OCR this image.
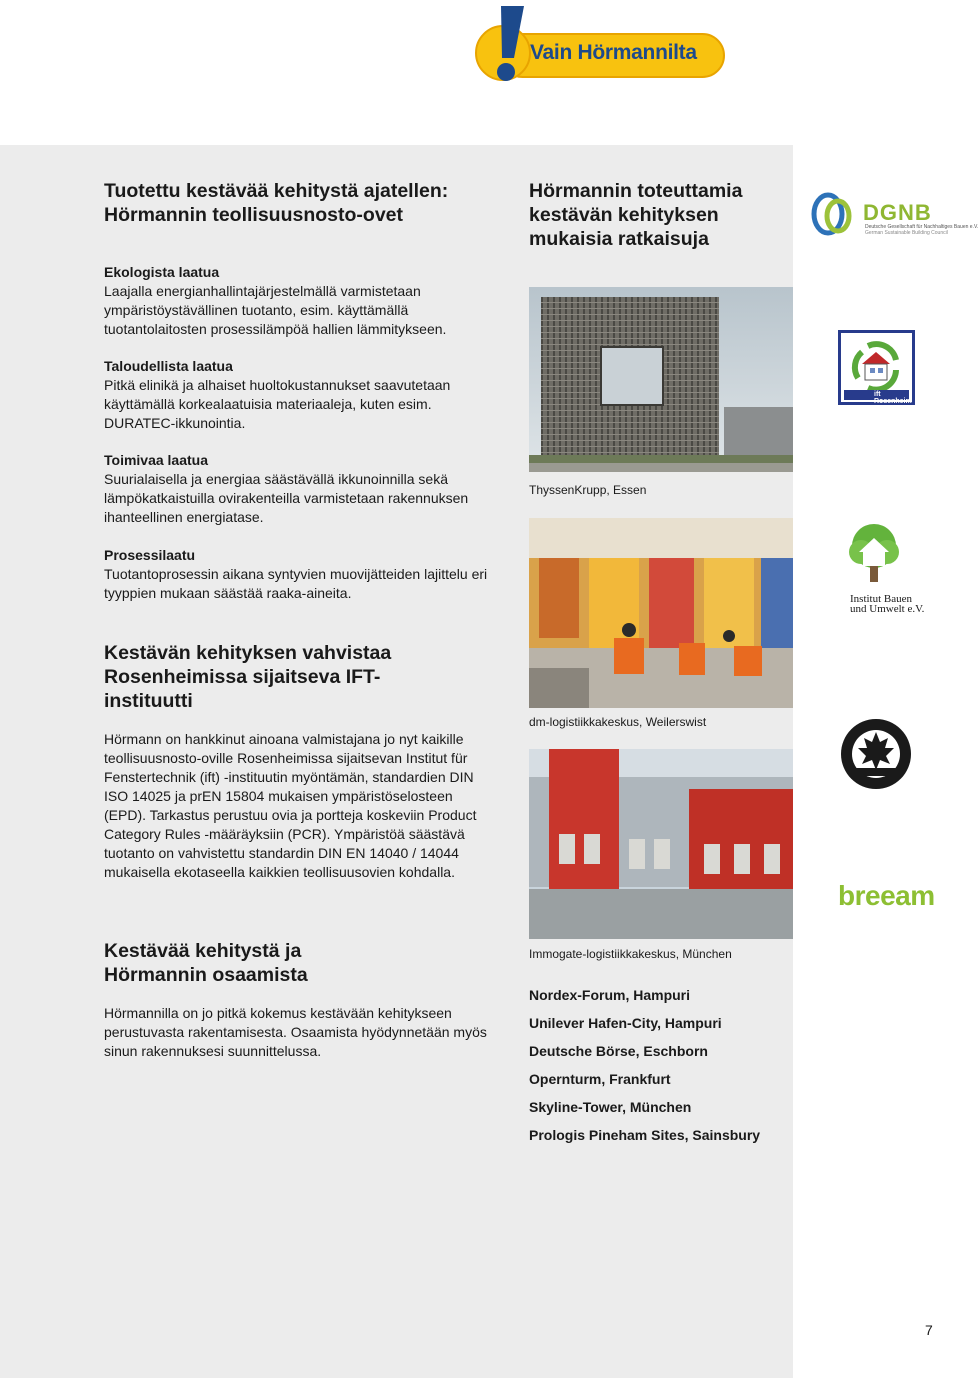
Vain Hörmannilta
Tuotettu kestävää kehitystä ajatellen: Hörmannin teollisuusnosto-ovet

Ekologista laatua

Laajalla energianhallintajärjestelmällä varmistetaan ympäristöystävällinen tuotanto, esim. käyttämällä tuotantolaitosten prosessilämpöä hallien lämmitykseen.

Taloudellista laatua

Pitkä elinikä ja alhaiset huoltokustannukset saavutetaan käyttämällä korkealaatuisia materiaaleja, kuten esim. DURATEC-ikkunointia.

Toimivaa laatua

Suurialaisella ja energiaa säästävällä ikkunoinnilla sekä lämpökatkaistuilla ovirakenteilla varmistetaan rakennuksen ihanteellinen energiatase.

Prosessilaatu

Tuotantoprosessin aikana syntyvien muovijätteiden lajittelu eri tyyppien mukaan säästää raaka-aineita.

Kestävän kehityksen vahvistaa Rosenheimissa sijaitseva IFT-instituutti

Hörmann on hankkinut ainoana valmistajana jo nyt kaikille teollisuusnosto-oville Rosenheimissa sijaitsevan Institut für Fenstertechnik (ift) -instituutin myöntämän, standardien DIN ISO 14025 ja prEN 15804 mukaisen ympäristöselosteen (EPD). Tarkastus perustuu ovia ja portteja koskeviin Product Category Rules -määräyksiin (PCR). Ympäristöä säästävä tuotanto on vahvistettu standardin DIN EN 14040 / 14044 mukaisella ekotaseella kaikkien teollisuusovien kohdalla.

Kestävää kehitystä ja Hörmannin osaamista

Hörmannilla on jo pitkä kokemus kestävään kehitykseen perustuvasta rakentamisesta. Osaamista hyödynnetään myös sinun rakennuksesi suunnittelussa.

Hörmannin toteuttamia kestävän kehityksen mukaisia ratkaisuja
ThyssenKrupp, Essen
dm-logistiikkakeskus, Weilerswist
Immogate-logistiikkakeskus, München
Nordex-Forum, Hampuri
Unilever Hafen-City, Hampuri
Deutsche Börse, Eschborn
Opernturm, Frankfurt
Skyline-Tower, München
Prologis Pineham Sites, Sainsbury
DGNB
Deutsche Gesellschaft für Nachhaltiges Bauen e.V.
German Sustainable Building Council
ift Rosenheim
Institut Bauen
und Umwelt e.V.
breeam
7
